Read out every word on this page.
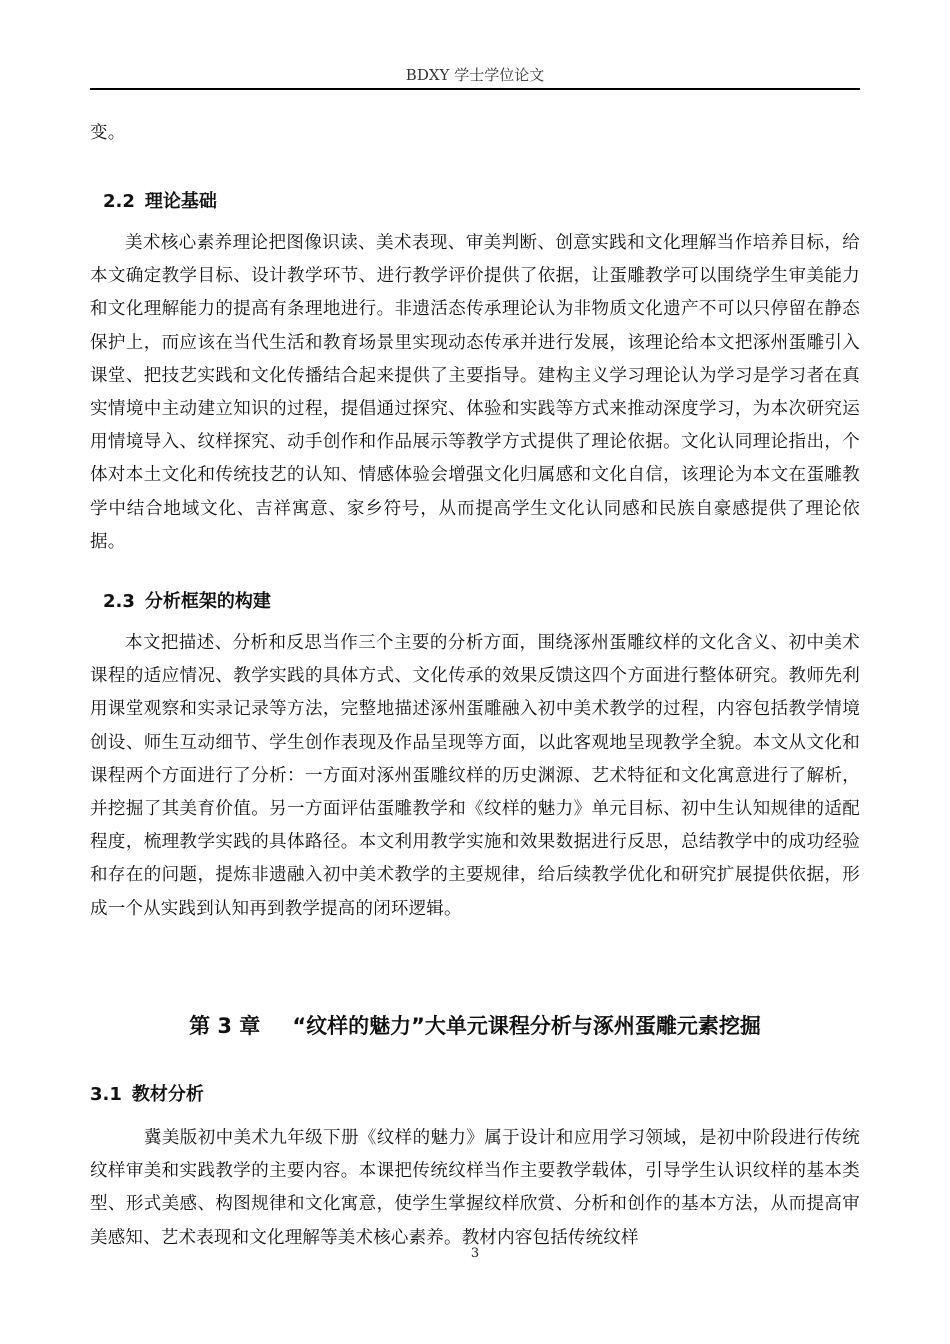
BDXY 学士学位论文

变。

2.2 理论基础

美术核心素养理论把图像识读、美术表现、审美判断、创意实践和文化理解当作培养目标，给本文确定教学目标、设计教学环节、进行教学评价提供了依据，让蛋雕教学可以围绕学生审美能力和文化理解能力的提高有条理地进行。非遗活态传承理论认为非物质文化遗产不可以只停留在静态保护上，而应该在当代生活和教育场景里实现动态传承并进行发展，该理论给本文把涿州蛋雕引入课堂、把技艺实践和文化传播结合起来提供了主要指导。建构主义学习理论认为学习是学习者在真实情境中主动建立知识的过程，提倡通过探究、体验和实践等方式来推动深度学习，为本次研究运用情境导入、纹样探究、动手创作和作品展示等教学方式提供了理论依据。文化认同理论指出，个体对本土文化和传统技艺的认知、情感体验会增强文化归属感和文化自信，该理论为本文在蛋雕教学中结合地域文化、吉祥寓意、家乡符号，从而提高学生文化认同感和民族自豪感提供了理论依据。

2.3 分析框架的构建

本文把描述、分析和反思当作三个主要的分析方面，围绕涿州蛋雕纹样的文化含义、初中美术课程的适应情况、教学实践的具体方式、文化传承的效果反馈这四个方面进行整体研究。教师先利用课堂观察和实录记录等方法，完整地描述涿州蛋雕融入初中美术教学的过程，内容包括教学情境创设、师生互动细节、学生创作表现及作品呈现等方面，以此客观地呈现教学全貌。本文从文化和课程两个方面进行了分析：一方面对涿州蛋雕纹样的历史渊源、艺术特征和文化寓意进行了解析，并挖掘了其美育价值。另一方面评估蛋雕教学和《纹样的魅力》单元目标、初中生认知规律的适配程度，梳理教学实践的具体路径。本文利用教学实施和效果数据进行反思，总结教学中的成功经验和存在的问题，提炼非遗融入初中美术教学的主要规律，给后续教学优化和研究扩展提供依据，形成一个从实践到认知再到教学提高的闭环逻辑。

第 3 章 “纹样的魅力”大单元课程分析与涿州蛋雕元素挖掘
3.1 教材分析

冀美版初中美术九年级下册《纹样的魅力》属于设计和应用学习领域，是初中阶段进行传统纹样审美和实践教学的主要内容。本课把传统纹样当作主要教学载体，引导学生认识纹样的基本类型、形式美感、构图规律和文化寓意，使学生掌握纹样欣赏、分析和创作的基本方法，从而提高审美感知、艺术表现和文化理解等美术核心素养。教材内容包括传统纹样

3
